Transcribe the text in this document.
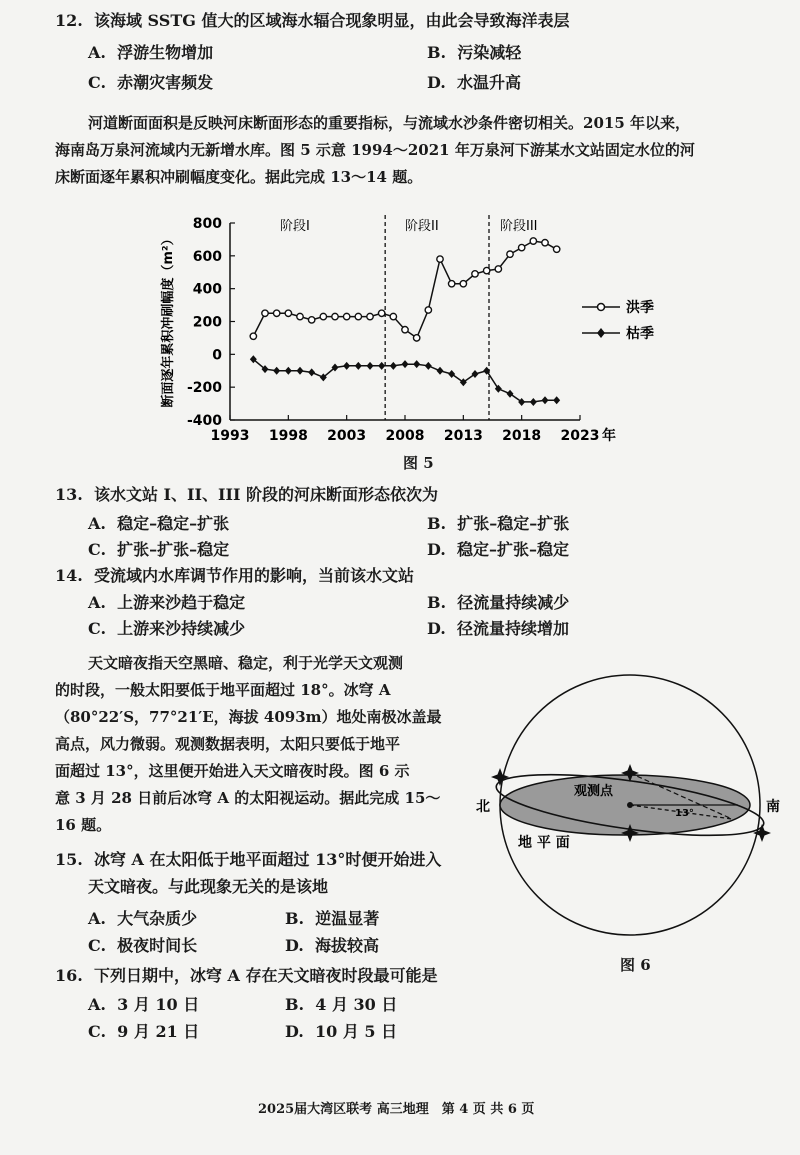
12. 该海域 SSTG 值大的区域海水辐合现象明显，由此会导致海洋表层
A. 浮游生物增加	B. 污染减轻
C. 赤潮灾害频发	D. 水温升高
河道断面面积是反映河床断面形态的重要指标，与流域水沙条件密切相关。2015 年以来，
海南岛万泉河流域内无新增水库。图 5 示意 1994～2021 年万泉河下游某水文站固定水位的河
床断面逐年累积冲刷幅度变化。据此完成 13～14 题。
-400
-200
0
200
400
600
800
1993 1998 2003 2008 2013 2018 2023
断面逐年累积冲刷幅度（m²）
阶段I	阶段II	阶段III
年
洪季
枯季
图 5
13. 该水文站 I、II、III 阶段的河床断面形态依次为
A. 稳定–稳定–扩张	B. 扩张–稳定–扩张
C. 扩张–扩张–稳定	D. 稳定–扩张–稳定
14. 受流域内水库调节作用的影响，当前该水文站
A. 上游来沙趋于稳定	B. 径流量持续减少
C. 上游来沙持续减少	D. 径流量持续增加
天文暗夜指天空黑暗、稳定，利于光学天文观测
的时段，一般太阳要低于地平面超过 18°。冰穹 A
（80°22′S，77°21′E，海拔 4093m）地处南极冰盖最
高点，风力微弱。观测数据表明，太阳只要低于地平
面超过 13°，这里便开始进入天文暗夜时段。图 6 示
意 3 月 28 日前后冰穹 A 的太阳视运动。据此完成 15～
16 题。
北	南
观测点
13°
地 平 面
图 6
15. 冰穹 A 在太阳低于地平面超过 13°时便开始进入
天文暗夜。与此现象无关的是该地
A. 大气杂质少	B. 逆温显著
C. 极夜时间长	D. 海拔较高
16. 下列日期中，冰穹 A 存在天文暗夜时段最可能是
A. 3 月 10 日	B. 4 月 30 日
C. 9 月 21 日	D. 10 月 5 日
2025届大湾区联考 高三地理　第 4 页 共 6 页
